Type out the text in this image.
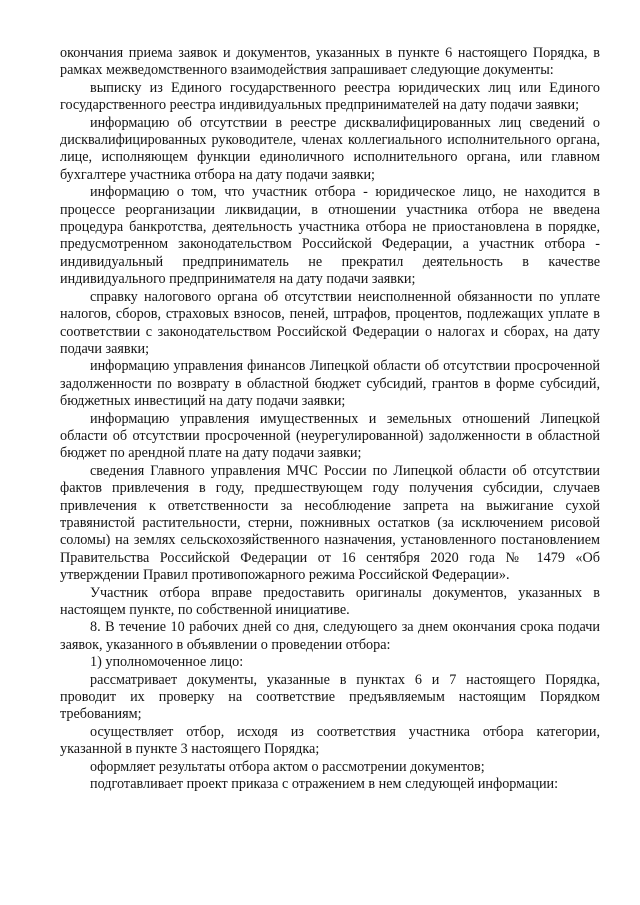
окончания приема заявок и документов, указанных в пункте 6 настоящего Порядка, в рамках межведомственного взаимодействия запрашивает следующие документы:

выписку из Единого государственного реестра юридических лиц или Единого государственного реестра индивидуальных предпринимателей на дату подачи заявки;

информацию об отсутствии в реестре дисквалифицированных лиц сведений о дисквалифицированных руководителе, членах коллегиального исполнительного органа, лице, исполняющем функции единоличного исполнительного органа, или главном бухгалтере участника отбора на дату подачи заявки;

информацию о том, что участник отбора - юридическое лицо, не находится в процессе реорганизации ликвидации, в отношении участника отбора не введена процедура банкротства, деятельность участника отбора не приостановлена в порядке, предусмотренном законодательством Российской Федерации, а участник отбора - индивидуальный предприниматель не прекратил деятельность в качестве индивидуального предпринимателя на дату подачи заявки;

справку налогового органа об отсутствии неисполненной обязанности по уплате налогов, сборов, страховых взносов, пеней, штрафов, процентов, подлежащих уплате в соответствии с законодательством Российской Федерации о налогах и сборах, на дату подачи заявки;

информацию управления финансов Липецкой области об отсутствии просроченной задолженности по возврату в областной бюджет субсидий, грантов в форме субсидий, бюджетных инвестиций на дату подачи заявки;

информацию управления имущественных и земельных отношений Липецкой области об отсутствии просроченной (неурегулированной) задолженности в областной бюджет по арендной плате на дату подачи заявки;

сведения Главного управления МЧС России по Липецкой области об отсутствии фактов привлечения в году, предшествующем году получения субсидии, случаев привлечения к ответственности за несоблюдение запрета на выжигание сухой травянистой растительности, стерни, пожнивных остатков (за исключением рисовой соломы) на землях сельскохозяйственного назначения, установленного постановлением Правительства Российской Федерации от 16 сентября 2020 года № 1479 «Об утверждении Правил противопожарного режима Российской Федерации».

Участник отбора вправе предоставить оригиналы документов, указанных в настоящем пункте, по собственной инициативе.

8. В течение 10 рабочих дней со дня, следующего за днем окончания срока подачи заявок, указанного в объявлении о проведении отбора:

1) уполномоченное лицо:

рассматривает документы, указанные в пунктах 6 и 7 настоящего Порядка, проводит их проверку на соответствие предъявляемым настоящим Порядком требованиям;

осуществляет отбор, исходя из соответствия участника отбора категории, указанной в пункте 3 настоящего Порядка;

оформляет результаты отбора актом о рассмотрении документов;

подготавливает проект приказа с отражением в нем следующей информации:
